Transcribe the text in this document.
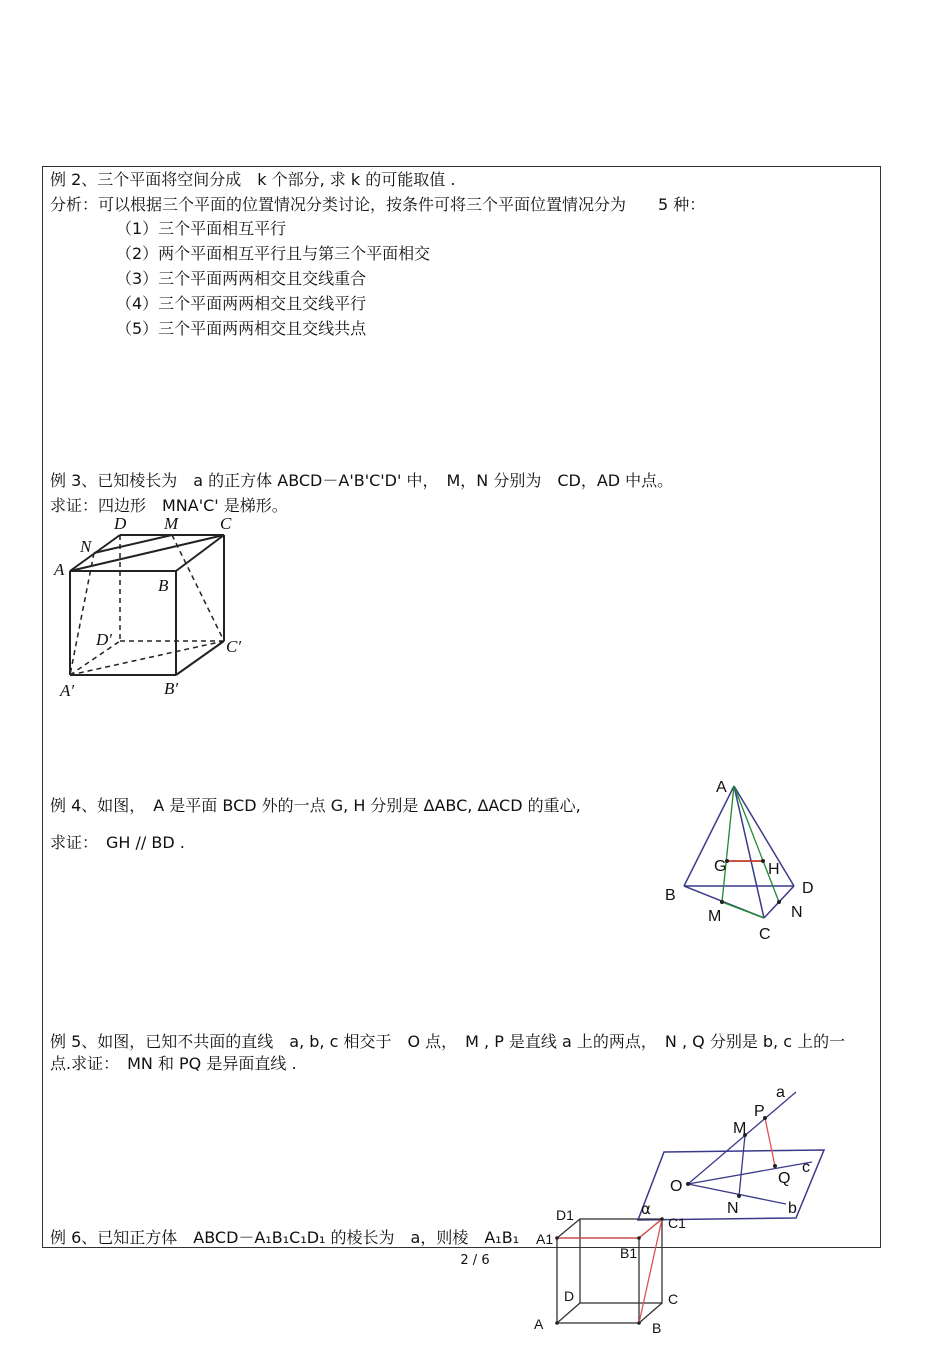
例 2、三个平面将空间分成　k 个部分, 求 k 的可能取值 .
分析：可以根据三个平面的位置情况分类讨论，按条件可将三个平面位置情况分为　　5 种：
（1）三个平面相互平行
（2）两个平面相互平行且与第三个平面相交
（3）三个平面两两相交且交线重合
（4）三个平面两两相交且交线平行
（5）三个平面两两相交且交线共点
例 3、已知棱长为　a 的正方体 ABCD－A'B'C'D' 中，　M，N 分别为　CD，AD 中点。
求证：四边形　MNA'C' 是梯形。
D M C
N
A
B
D′	C′
A′	B′
例 4、如图，　A 是平面 BCD 外的一点 G, H 分别是 ΔABC, ΔACD 的重心,
求证：　GH // BD .
A
G	H
B	D
M	N
C
例 5、如图，已知不共面的直线　a, b, c 相交于　O 点，　M , P 是直线 a 上的两点，　N , Q 分别是 b, c 上的一
点.求证：　MN 和 PQ 是异面直线 .
a
P
M
c
Q
O
N	b
例 6、已知正方体　ABCD－A₁B₁C₁D₁ 的棱长为　a，则棱　A₁B₁
α
D1	C1
A1
B1
D	C
A	B
2 / 6
